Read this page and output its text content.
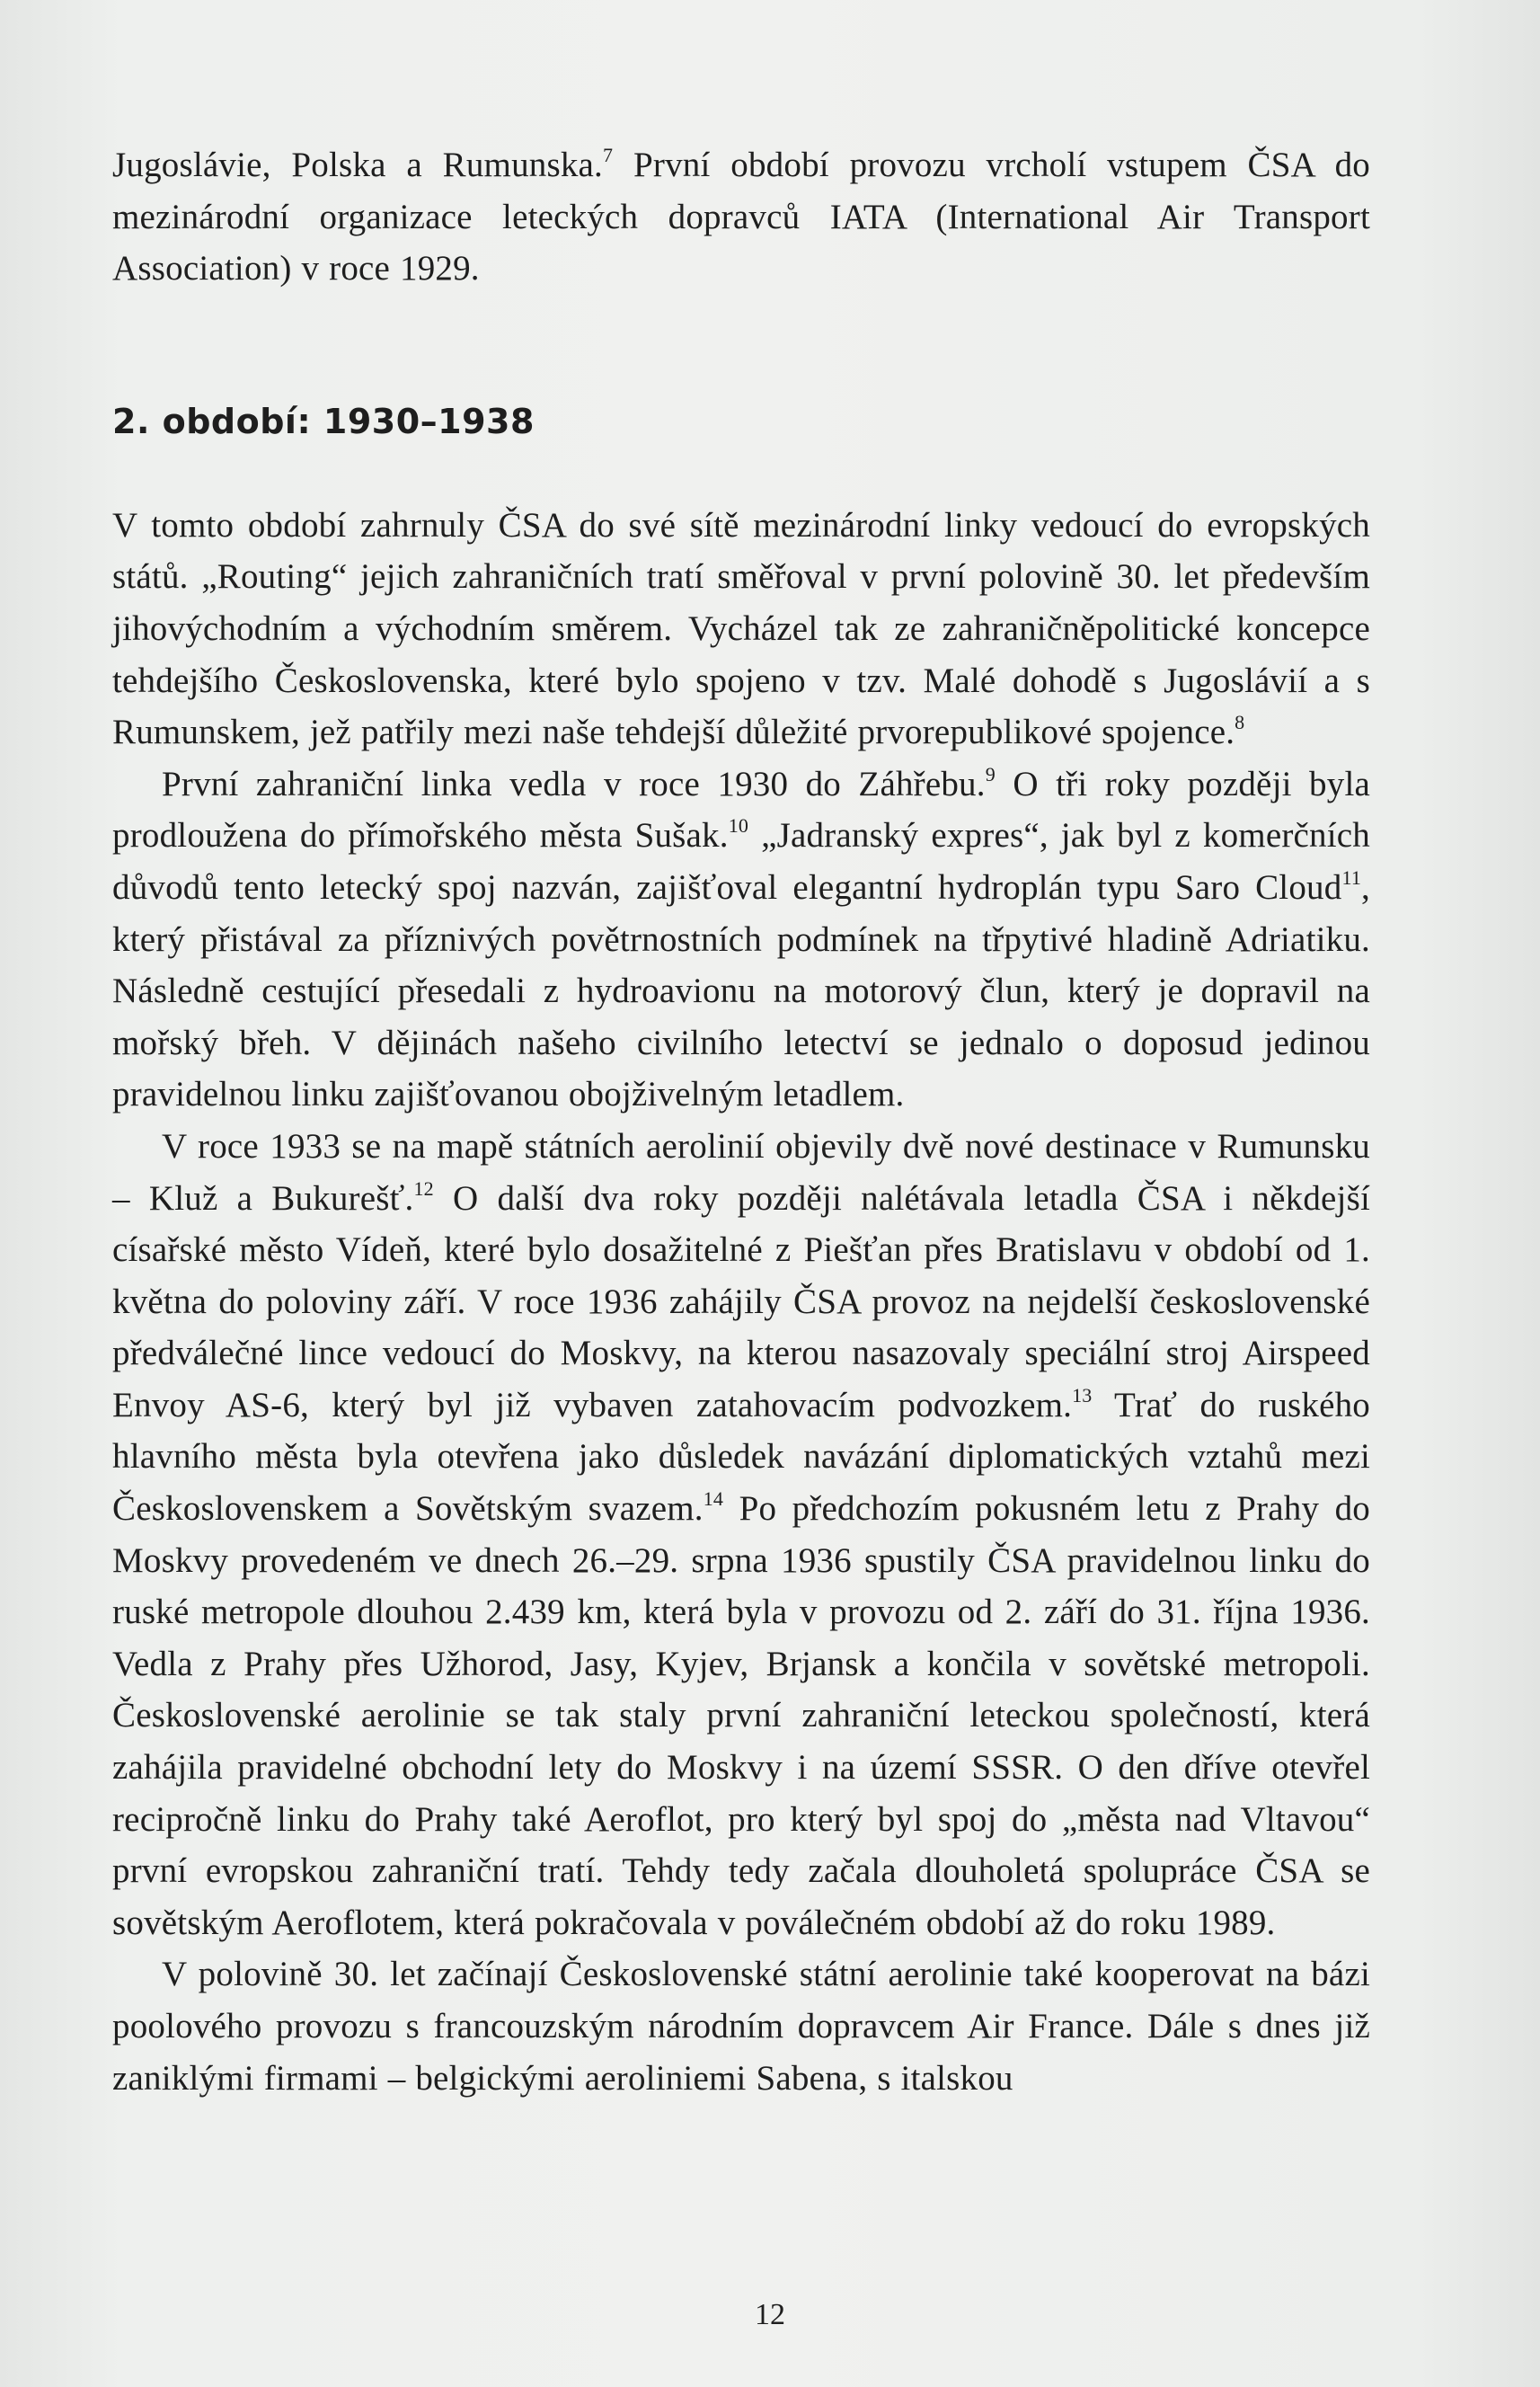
Jugoslávie, Polska a Rumunska.$^7$ První období provozu vrcholí vstupem ČSA do mezinárodní organizace leteckých dopravců IATA (International Air Transport Association) v roce 1929.

2. období: 1930–1938

V tomto období zahrnuly ČSA do své sítě mezinárodní linky vedoucí do evropských států. „Routing“ jejich zahraničních tratí směřoval v první polovině 30. let především jihovýchodním a východním směrem. Vycházel tak ze zahraničněpolitické koncepce tehdejšího Československa, které bylo spojeno v tzv. Malé dohodě s Jugoslávií a s Rumunskem, jež patřily mezi naše tehdejší důležité prvorepublikové spojence.$^8$

První zahraniční linka vedla v roce 1930 do Záhřebu.$^9$ O tři roky později byla prodloužena do přímořského města Sušak.$^{10}$ „Jadranský expres“, jak byl z komerčních důvodů tento letecký spoj nazván, zajišťoval elegantní hydroplán typu Saro Cloud$^{11}$, který přistával za příznivých povětrnostních podmínek na třpytivé hladině Adriatiku. Následně cestující přesedali z hydroavionu na motorový člun, který je dopravil na mořský břeh. V dějinách našeho civilního letectví se jednalo o doposud jedinou pravidelnou linku zajišťovanou obojživelným letadlem.

V roce 1933 se na mapě státních aerolinií objevily dvě nové destinace v Rumunsku – Kluž a Bukurešť.$^{12}$ O další dva roky později nalétávala letadla ČSA i někdejší císařské město Vídeň, které bylo dosažitelné z Piešťan přes Bratislavu v období od 1. května do poloviny září. V roce 1936 zahájily ČSA provoz na nejdelší československé předválečné lince vedoucí do Moskvy, na kterou nasazovaly speciální stroj Airspeed Envoy AS-6, který byl již vybaven zatahovacím podvozkem.$^{13}$ Trať do ruského hlavního města byla otevřena jako důsledek navázání diplomatických vztahů mezi Československem a Sovětským svazem.$^{14}$ Po předchozím pokusném letu z Prahy do Moskvy provedeném ve dnech 26.–29. srpna 1936 spustily ČSA pravidelnou linku do ruské metropole dlouhou 2.439 km, která byla v provozu od 2. září do 31. října 1936. Vedla z Prahy přes Užhorod, Jasy, Kyjev, Brjansk a končila v sovětské metropoli. Československé aerolinie se tak staly první zahraniční leteckou společností, která zahájila pravidelné obchodní lety do Moskvy i na území SSSR. O den dříve otevřel recipročně linku do Prahy také Aeroflot, pro který byl spoj do „města nad Vltavou“ první evropskou zahraniční tratí. Tehdy tedy začala dlouholetá spolupráce ČSA se sovětským Aeroflotem, která pokračovala v poválečném období až do roku 1989.

V polovině 30. let začínají Československé státní aerolinie také kooperovat na bázi poolového provozu s francouzským národním dopravcem Air France. Dále s dnes již zaniklými firmami – belgickými aeroliniemi Sabena, s italskou

12
